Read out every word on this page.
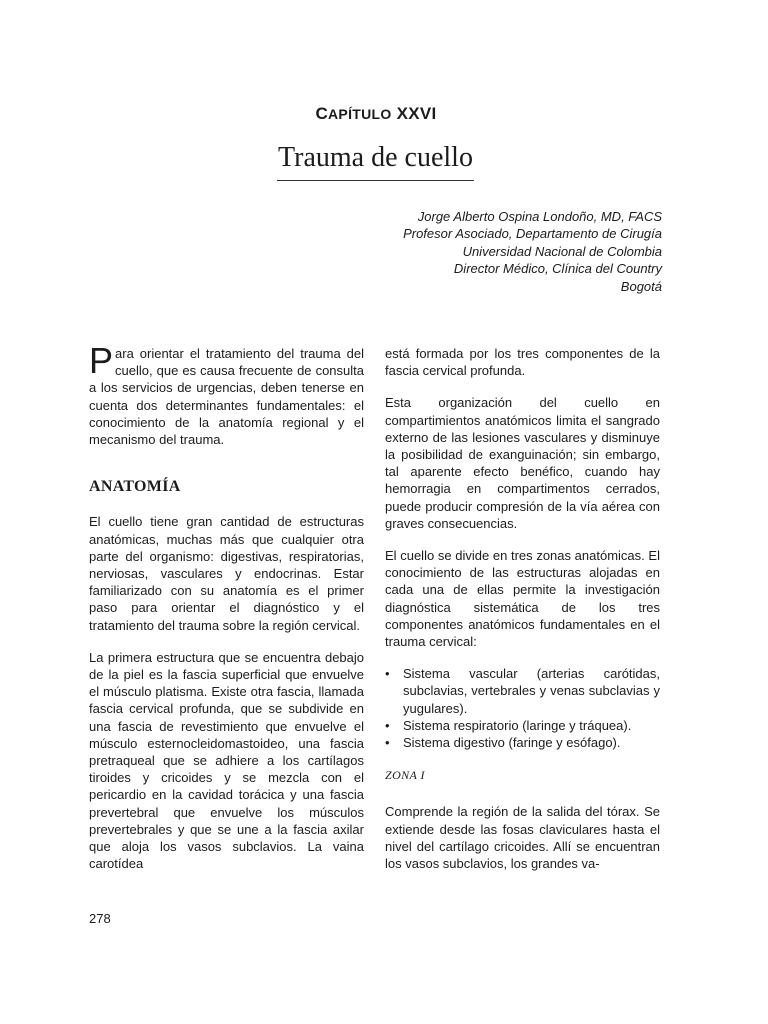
CAPÍTULO XXVI
Trauma de cuello
Jorge Alberto Ospina Londoño, MD, FACS
Profesor Asociado, Departamento de Cirugía
Universidad Nacional de Colombia
Director Médico, Clínica del Country
Bogotá

Para orientar el tratamiento del trauma del cuello, que es causa frecuente de consulta a los servicios de urgencias, deben tenerse en cuenta dos determinantes fundamentales: el conocimiento de la anatomía regional y el mecanismo del trauma.

ANATOMÍA

El cuello tiene gran cantidad de estructuras anatómicas, muchas más que cualquier otra parte del organismo: digestivas, respiratorias, nerviosas, vasculares y endocrinas. Estar familiarizado con su anatomía es el primer paso para orientar el diagnóstico y el tratamiento del trauma sobre la región cervical.

La primera estructura que se encuentra debajo de la piel es la fascia superficial que envuelve el músculo platisma. Existe otra fascia, llamada fascia cervical profunda, que se subdivide en una fascia de revestimiento que envuelve el músculo esternocleidomastoideo, una fascia pretraqueal que se adhiere a los cartílagos tiroides y cricoides y se mezcla con el pericardio en la cavidad torácica y una fascia prevertebral que envuelve los músculos prevertebrales y que se une a la fascia axilar que aloja los vasos subclavios. La vaina carotídea

está formada por los tres componentes de la fascia cervical profunda.

Esta organización del cuello en compartimientos anatómicos limita el sangrado externo de las lesiones vasculares y disminuye la posibilidad de exanguinación; sin embargo, tal aparente efecto benéfico, cuando hay hemorragia en compartimentos cerrados, puede producir compresión de la vía aérea con graves consecuencias.

El cuello se divide en tres zonas anatómicas. El conocimiento de las estructuras alojadas en cada una de ellas permite la investigación diagnóstica sistemática de los tres componentes anatómicos fundamentales en el trauma cervical:

• Sistema vascular (arterias carótidas, subclavias, vertebrales y venas subclavias y yugulares).
• Sistema respiratorio (laringe y tráquea).
• Sistema digestivo (faringe y esófago).
ZONA I

Comprende la región de la salida del tórax. Se extiende desde las fosas claviculares hasta el nivel del cartílago cricoides. Allí se encuentran los vasos subclavios, los grandes va-

278
